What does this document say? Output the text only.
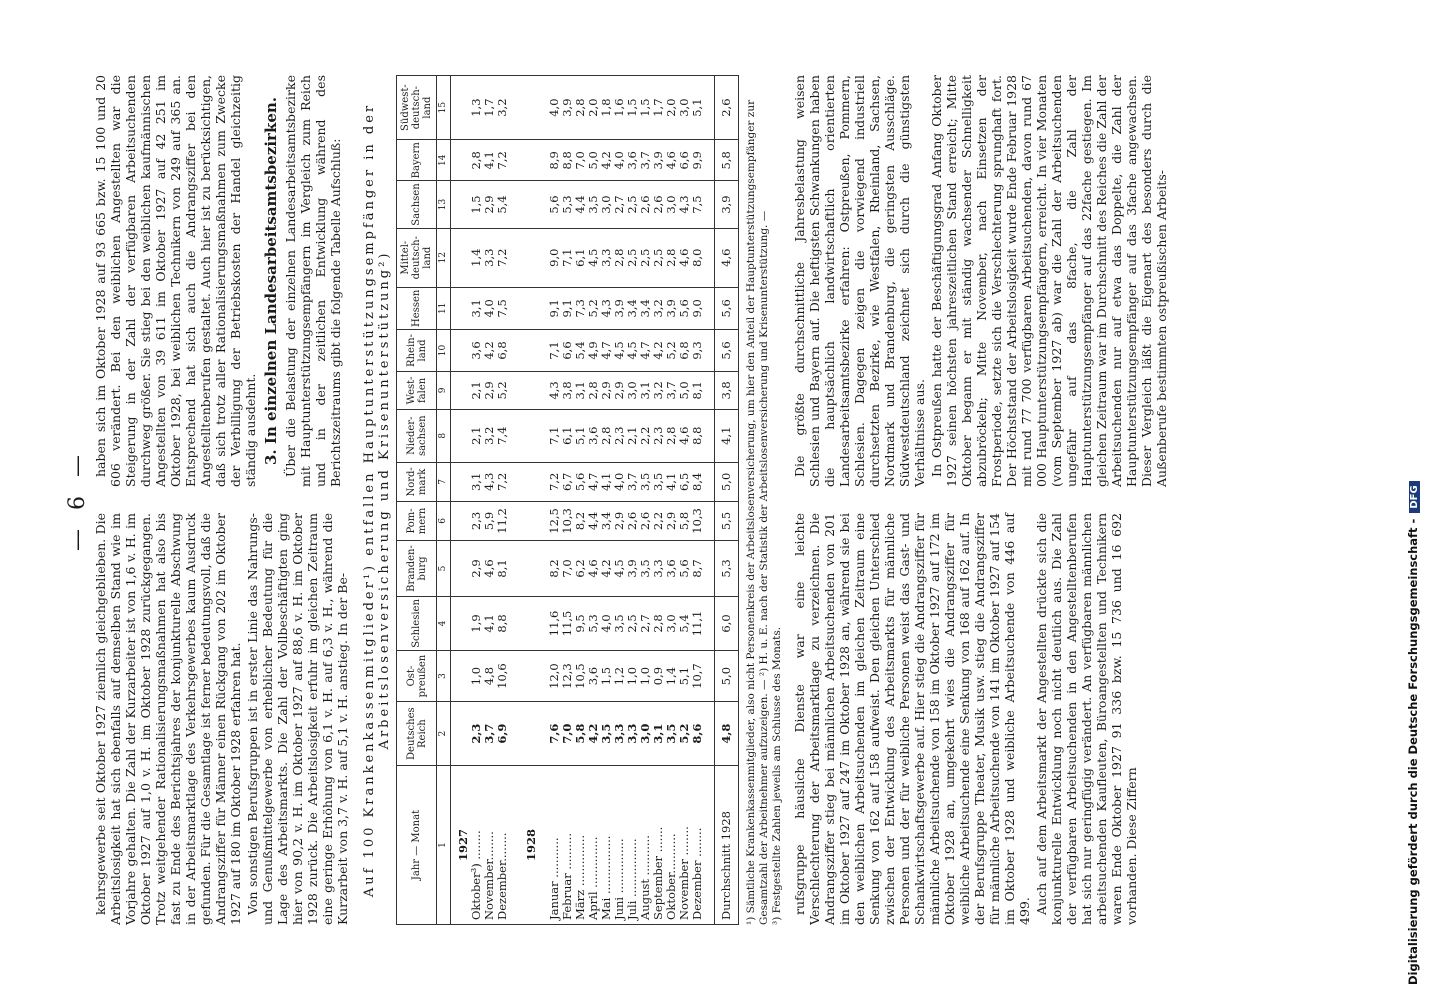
— 6 —

kehrsgewerbe seit Oktober 1927 ziemlich gleichgeblieben. Die Arbeitslosigkeit hat sich ebenfalls auf demselben Stand wie im Vorjahre gehalten. Die Zahl der Kurzarbeiter ist von 1,6 v. H. im Oktober 1927 auf 1,0 v. H. im Oktober 1928 zurückgegangen. Trotz weitgehender Rationalisierungsmaßnahmen hat also bis fast zu Ende des Berichtsjahres der konjunkturelle Abschwung in der Arbeitsmarktlage des Verkehrsgewerbes kaum Ausdruck gefunden. Für die Gesamtlage ist ferner bedeutungsvoll, daß die Andrangsziffer für Männer einen Rückgang von 202 im Oktober 1927 auf 180 im Oktober 1928 erfahren hat. Von sonstigen Berufsgruppen ist in erster Linie das Nahrungs- und Genußmittelgewerbe von erheblicher Bedeutung für die Lage des Arbeitsmarkts. Die Zahl der Vollbeschäftigten ging hier von 90,2 v. H. im Oktober 1927 auf 88,6 v. H. im Oktober 1928 zurück. Die Arbeitslosigkeit erfuhr im gleichen Zeitraum eine geringe Erhöhung von 6,1 v. H. auf 6,3 v. H., während die Kurzarbeit von 3,7 v. H. auf 5,1 v. H. anstieg. In der Be-

haben sich im Oktober 1928 auf 93 665 bzw. 15 100 und 20 606 verändert. Bei den weiblichen Angestellten war die Steigerung in der Zahl der verfügbaren Arbeitsuchenden durchweg größer. Sie stieg bei den weiblichen kaufmännischen Angestellten von 39 611 im Oktober 1927 auf 42 251 im Oktober 1928, bei weiblichen Technikern von 249 auf 365 an. Entsprechend hat sich auch die Andrangsziffer bei den Angestelltenberufen gestaltet. Auch hier ist zu berücksichtigen, daß sich trotz aller Rationalisierungsmaßnahmen zum Zwecke der Verbilligung der Betriebskosten der Handel gleichzeitig ständig ausdehnt. 3. In einzelnen Landesarbeitsamtsbezirken. Über die Belastung der einzelnen Landesarbeitsamtsbezirke mit Hauptunterstützungsempfängern im Vergleich zum Reich und in der zeitlichen Entwicklung während des Berichtszeitraums gibt die folgende Tabelle Aufschluß: Auf 100 Krankenkassenmitglieder¹) entfallen Hauptunterstützungsempfänger in der Arbeitslosenversicherung und Krisenunterstützung²)
Jahr — Monat	Deutsches Reich	Ost-preußen	Schlesien	Branden-burg	Pom-mern	Nord-mark	Nieder-sachsen	West-falen	Rhein-land	Hessen	Mittel-deutsch-land	Sachsen	Bayern	Südwest-deutsch-land
1	2	3	4	5	6	7	8	9	10	11	12	13	14	15
1927														
Oktober³) ........	2,3	1,0	1,9	2,9	2,3	3,1	2,1	2,1	3,6	3,1	1,4	1,5	2,8	1,3
November........	3,7	4,8	4,1	4,6	5,9	4,3	3,2	2,9	4,2	4,0	3,3	2,9	4,1	1,7
Dezember........	6,9	10,6	8,8	8,1	11,2	7,2	7,4	5,2	6,8	7,5	7,2	5,4	7,2	3,2

1928														

Januar ...........	7,6	12,0	11,6	8,2	12,5	7,2	7,1	4,3	7,1	9,1	9,0	5,6	8,9	4,0
Februar ..........	7,0	12,3	11,5	7,0	10,3	6,7	6,1	3,8	6,6	9,1	7,1	5,3	8,8	3,9
März ..............	5,8	10,5	9,5	6,2	8,2	5,6	5,1	3,1	5,4	7,3	6,1	4,4	7,0	2,8
April ..............	4,2	3,6	5,3	4,6	4,4	4,7	3,6	2,8	4,9	5,2	4,5	3,5	5,0	2,0
Mai ................	3,5	1,5	4,0	4,2	3,4	4,1	2,8	2,9	4,7	4,3	3,3	3,0	4,2	1,8
Juni ...............	3,3	1,2	3,5	4,5	2,9	4,0	2,3	2,9	4,5	3,9	2,8	2,7	4,0	1,6
Juli ................	3,3	1,0	2,5	3,9	2,6	3,7	2,1	3,0	4,5	3,4	2,5	2,5	3,6	1,5
August ...........	3,0	1,0	2,7	3,5	2,6	3,5	2,2	3,1	4,7	3,4	2,5	2,6	3,7	1,5
September .......	3,1	0,9	2,8	3,3	2,2	3,5	2,3	3,2	4,2	3,2	2,5	2,6	3,9	1,7
Oktober...........	3,5	1,4	3,0	3,6	2,9	4,1	2,8	3,7	5,2	3,9	2,8	3,0	4,6	2,0
November ........	5,2	5,1	5,4	5,6	5,8	6,5	4,6	5,0	6,8	5,6	4,6	4,3	6,6	3,0
Dezember ........	8,6	10,7	11,1	8,7	10,3	8,4	8,8	8,1	9,3	9,0	8,0	7,5	9,9	5,1

Durchschnitt 1928	4,8	5,0	6,0	5,3	5,5	5,0	4,1	3,8	5,6	5,6	4,6	3,9	5,8	2,6 ¹) Sämtliche Krankenkassenmitglieder, also nicht Personenkreis der Arbeitslosenversicherung, um hier den Anteil der Hauptunterstützungsempfänger zur Gesamtzahl der Arbeitnehmer aufzuzeigen. — ²) H. u. E. nach der Statistik der Arbeitslosenversicherung und Krisenunterstützung. — ³) Festgestellte Zahlen jeweils am Schlusse des Monats. rufsgruppe häusliche Dienste war eine leichte Verschlechterung der Arbeitsmarktlage zu verzeichnen. Die Andrangsziffer stieg bei männlichen Arbeitsuchenden von 201 im Oktober 1927 auf 247 im Oktober 1928 an, während sie bei den weiblichen Arbeitsuchenden im gleichen Zeitraum eine Senkung von 162 auf 158 aufweist. Den gleichen Unterschied zwischen der Entwicklung des Arbeitsmarkts für männliche Personen und der für weibliche Personen weist das Gast- und Schankwirtschaftsgewerbe auf. Hier stieg die Andrangsziffer für männliche Arbeitsuchende von 158 im Oktober 1927 auf 172 im Oktober 1928 an, umgekehrt wies die Andrangsziffer für weibliche Arbeitsuchende eine Senkung von 168 auf 162 auf. In der Berufsgruppe Theater, Musik usw. stieg die Andrangsziffer für männliche Arbeitsuchende von 141 im Oktober 1927 auf 154 im Oktober 1928 und weibliche Arbeitsuchende von 446 auf 499. Auch auf dem Arbeitsmarkt der Angestellten drückte sich die konjunkturelle Entwicklung noch nicht deutlich aus. Die Zahl der verfügbaren Arbeitsuchenden in den Angestelltenberufen hat sich nur geringfügig verändert. An verfügbaren männlichen arbeitsuchenden Kaufleuten, Büroangestellten und Technikern waren Ende Oktober 1927 91 336 bzw. 15 736 und 16 692 vorhanden. Diese Ziffern

Die größte durchschnittliche Jahresbelastung weisen Schlesien und Bayern auf. Die heftigsten Schwankungen haben die hauptsächlich landwirtschaftlich orientierten Landesarbeitsamtsbezirke erfahren: Ostpreußen, Pommern, Schlesien. Dagegen zeigen die vorwiegend industriell durchsetzten Bezirke, wie Westfalen, Rheinland, Sachsen, Nordmark und Brandenburg, die geringsten Ausschläge. Südwestdeutschland zeichnet sich durch die günstigsten Verhältnisse aus. In Ostpreußen hatte der Beschäftigungsgrad Anfang Oktober 1927 seinen höchsten jahreszeitlichen Stand erreicht; Mitte Oktober begann er mit ständig wachsender Schnelligkeit abzubröckeln; Mitte November, nach Einsetzen der Frostperiode, setzte sich die Verschlechterung sprunghaft fort. Der Höchststand der Arbeitslosigkeit wurde Ende Februar 1928 mit rund 77 700 verfügbaren Arbeitsuchenden, davon rund 67 000 Hauptunterstützungsempfängern, erreicht. In vier Monaten (vom September 1927 ab) war die Zahl der Arbeitsuchenden ungefähr auf das 8fache, die Zahl der Hauptunterstützungsempfänger auf das 22fache gestiegen. Im gleichen Zeitraum war im Durchschnitt des Reiches die Zahl der Arbeitsuchenden nur auf etwa das Doppelte, die Zahl der Hauptunterstützungsempfänger auf das 3fache angewachsen. Dieser Vergleich läßt die Eigenart des besonders durch die Außenberufe bestimmten ostpreußischen Arbeits-

Digitalisierung gefördert durch die Deutsche Forschungsgemeinschaft -DFG
